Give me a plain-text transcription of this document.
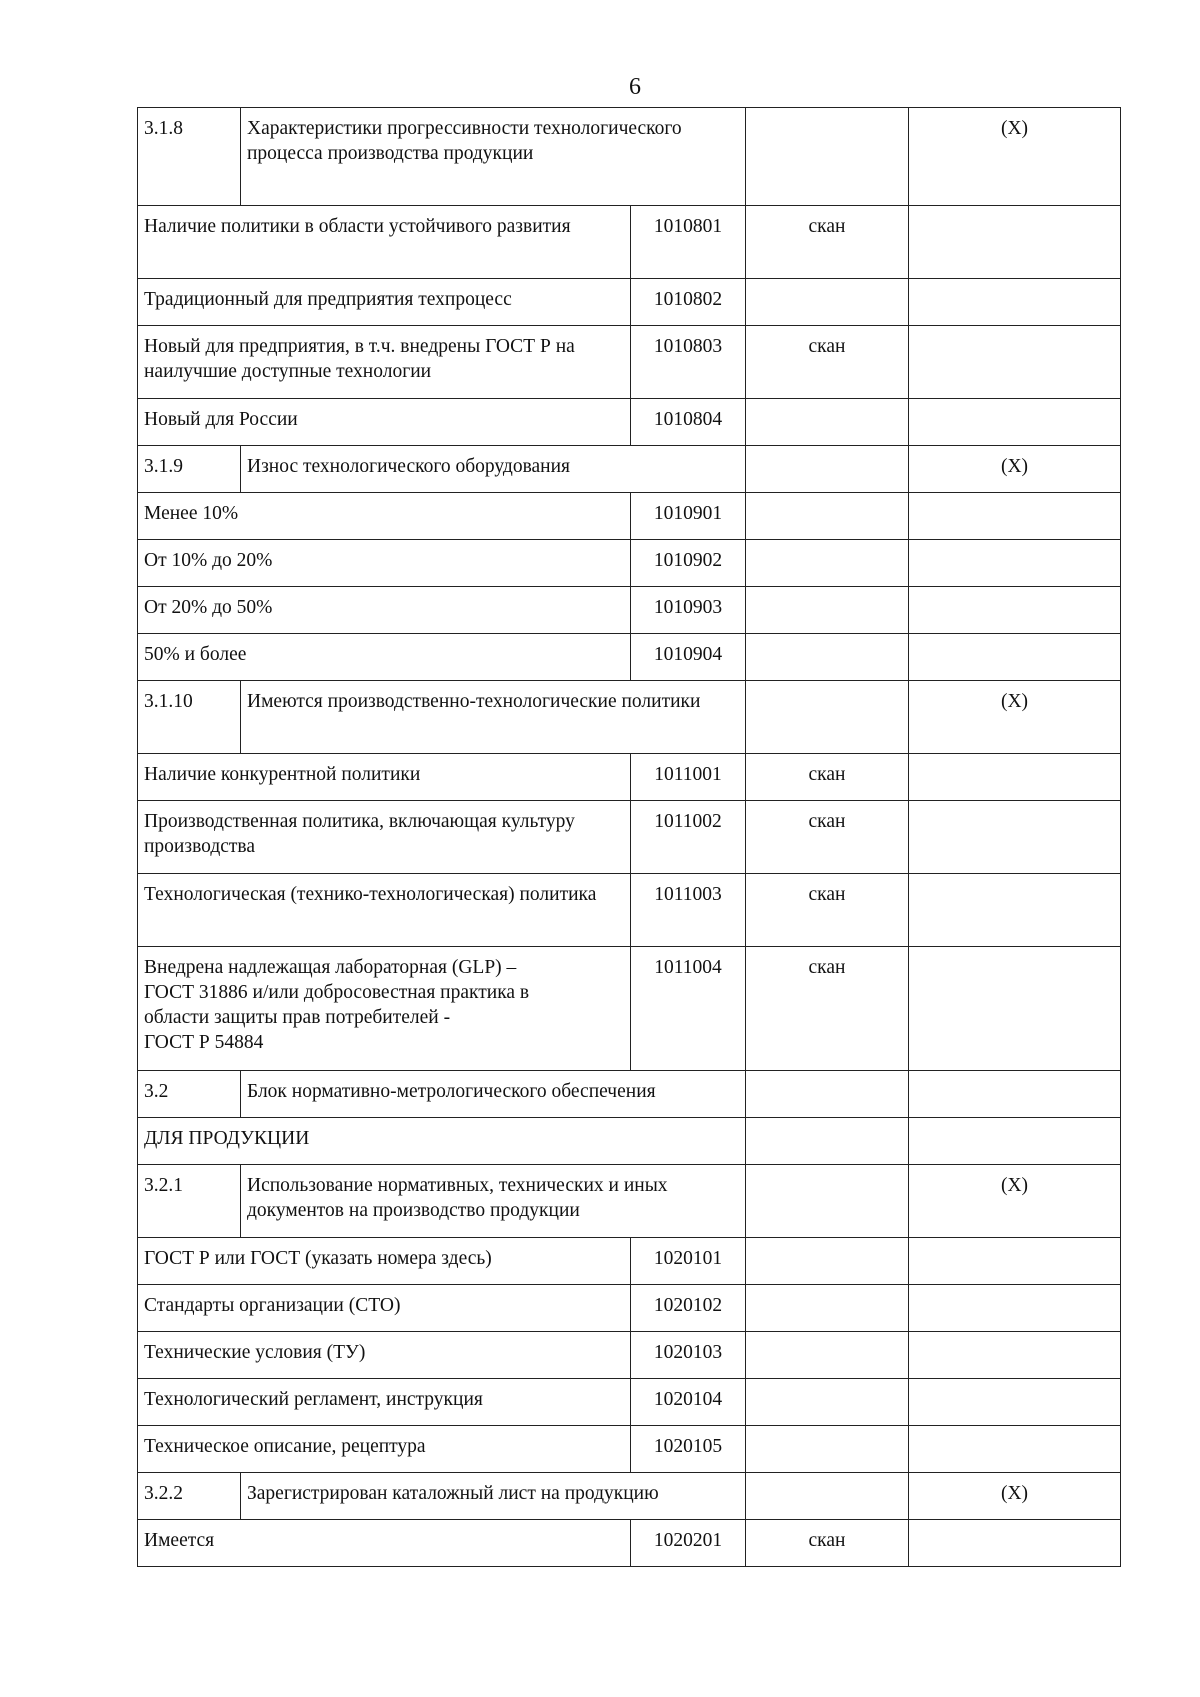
6
3.1.8	Характеристики прогрессивности технологического процесса производства продукции			(X)
Наличие политики в области устойчивого развития		1010801	скан	
Традиционный для предприятия техпроцесс		1010802		
Новый для предприятия, в т.ч. внедрены ГОСТ Р на наилучшие доступные технологии		1010803	скан	
Новый для России		1010804		
3.1.9	Износ технологического оборудования			(X)
Менее 10%		1010901		
От 10% до 20%		1010902		
От 20% до 50%		1010903		
50% и более		1010904		
3.1.10	Имеются производственно-технологические политики			(X)
Наличие конкурентной политики		1011001	скан	
Производственная политика, включающая культуру производства		1011002	скан	
Технологическая (технико-технологическая) политика		1011003	скан	

Внедрена надлежащая лабораторная (GLP) –
ГОСТ 31886 и/или добросовестная практика в
области защиты прав потребителей -
ГОСТ Р 54884		1011004	скан	
3.2	Блок нормативно-метрологического обеспечения			
ДЛЯ ПРОДУКЦИИ				
3.2.1	Использование нормативных, технических и иных документов на производство продукции			(X)
ГОСТ Р или ГОСТ (указать номера здесь)		1020101		
Стандарты организации (СТО)		1020102		
Технические условия (ТУ)		1020103		
Технологический регламент, инструкция		1020104		
Техническое описание, рецептура		1020105		
3.2.2	Зарегистрирован каталожный лист на продукцию			(X)
Имеется		1020201	скан	
